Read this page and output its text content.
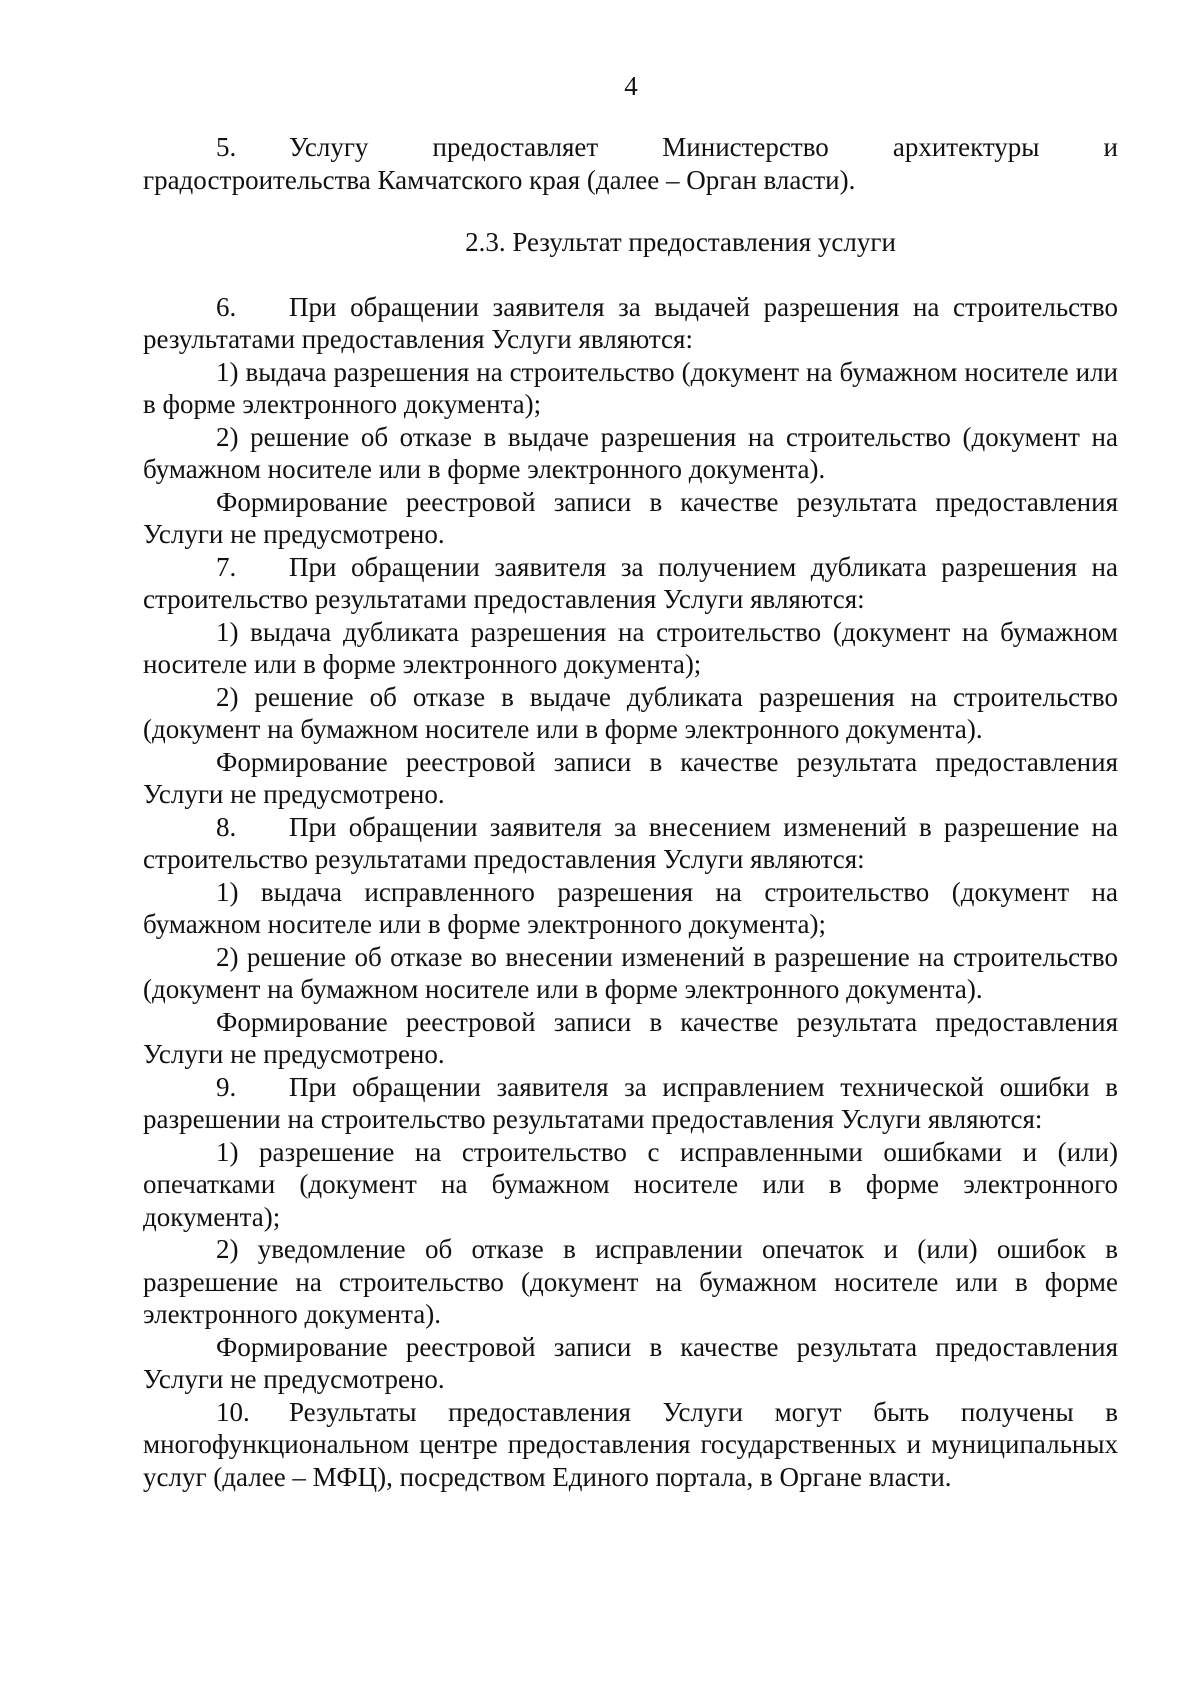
4

5. Услугу предоставляет Министерство архитектуры и

градостроительства Камчатского края (далее – Орган власти).

2.3. Результат предоставления услуги

6. При обращении заявителя за выдачей разрешения на строительство результатами предоставления Услуги являются:

1) выдача разрешения на строительство (документ на бумажном носителе или в форме электронного документа);

2) решение об отказе в выдаче разрешения на строительство (документ на бумажном носителе или в форме электронного документа).

Формирование реестровой записи в качестве результата предоставления Услуги не предусмотрено.

7. При обращении заявителя за получением дубликата разрешения на строительство результатами предоставления Услуги являются:

1) выдача дубликата разрешения на строительство (документ на бумажном носителе или в форме электронного документа);

2) решение об отказе в выдаче дубликата разрешения на строительство (документ на бумажном носителе или в форме электронного документа).

Формирование реестровой записи в качестве результата предоставления Услуги не предусмотрено.

8. При обращении заявителя за внесением изменений в разрешение на строительство результатами предоставления Услуги являются:

1) выдача исправленного разрешения на строительство (документ на бумажном носителе или в форме электронного документа);

2) решение об отказе во внесении изменений в разрешение на строительство (документ на бумажном носителе или в форме электронного документа).

Формирование реестровой записи в качестве результата предоставления Услуги не предусмотрено.

9. При обращении заявителя за исправлением технической ошибки в разрешении на строительство результатами предоставления Услуги являются:

1) разрешение на строительство с исправленными ошибками и (или) опечатками (документ на бумажном носителе или в форме электронного документа);

2) уведомление об отказе в исправлении опечаток и (или) ошибок в разрешение на строительство (документ на бумажном носителе или в форме электронного документа).

Формирование реестровой записи в качестве результата предоставления Услуги не предусмотрено.

10. Результаты предоставления Услуги могут быть получены в многофункциональном центре предоставления государственных и муниципальных услуг (далее – МФЦ), посредством Единого портала, в Органе власти.
